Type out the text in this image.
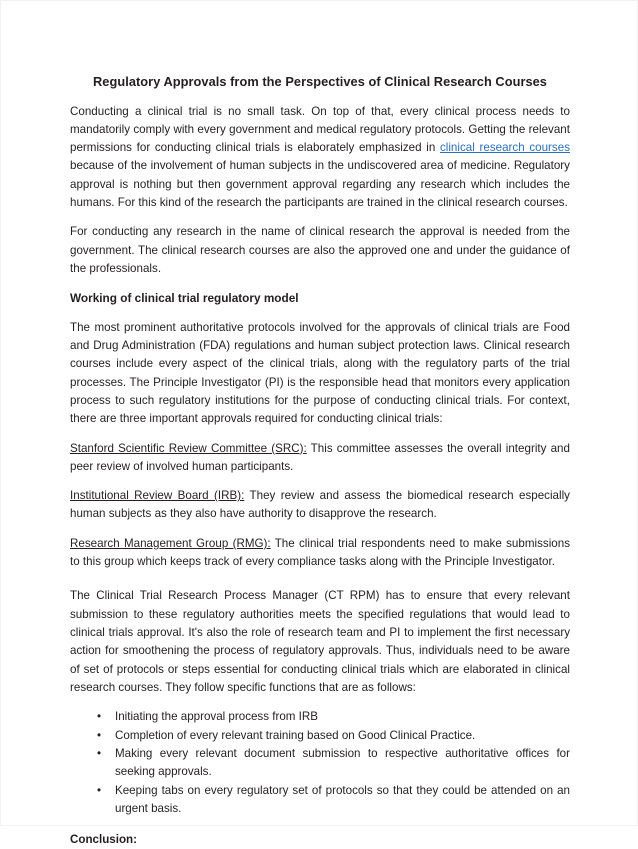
Regulatory Approvals from the Perspectives of Clinical Research Courses

Conducting a clinical trial is no small task. On top of that, every clinical process needs to mandatorily comply with every government and medical regulatory protocols. Getting the relevant permissions for conducting clinical trials is elaborately emphasized in clinical research courses because of the involvement of human subjects in the undiscovered area of medicine. Regulatory approval is nothing but then government approval regarding any research which includes the humans. For this kind of the research the participants are trained in the clinical research courses.

For conducting any research in the name of clinical research the approval is needed from the government. The clinical research courses are also the approved one and under the guidance of the professionals.

Working of clinical trial regulatory model

The most prominent authoritative protocols involved for the approvals of clinical trials are Food and Drug Administration (FDA) regulations and human subject protection laws. Clinical research courses include every aspect of the clinical trials, along with the regulatory parts of the trial processes. The Principle Investigator (PI) is the responsible head that monitors every application process to such regulatory institutions for the purpose of conducting clinical trials. For context, there are three important approvals required for conducting clinical trials:

Stanford Scientific Review Committee (SRC): This committee assesses the overall integrity and peer review of involved human participants.

Institutional Review Board (IRB): They review and assess the biomedical research especially human subjects as they also have authority to disapprove the research.

Research Management Group (RMG): The clinical trial respondents need to make submissions to this group which keeps track of every compliance tasks along with the Principle Investigator.

The Clinical Trial Research Process Manager (CT RPM) has to ensure that every relevant submission to these regulatory authorities meets the specified regulations that would lead to clinical trials approval. It's also the role of research team and PI to implement the first necessary action for smoothening the process of regulatory approvals. Thus, individuals need to be aware of set of protocols or steps essential for conducting clinical trials which are elaborated in clinical research courses. They follow specific functions that are as follows:

• Initiating the approval process from IRB
• Completion of every relevant training based on Good Clinical Practice.
• Making every relevant document submission to respective authoritative offices for seeking approvals.
• Keeping tabs on every regulatory set of protocols so that they could be attended on an urgent basis.

Conclusion:
